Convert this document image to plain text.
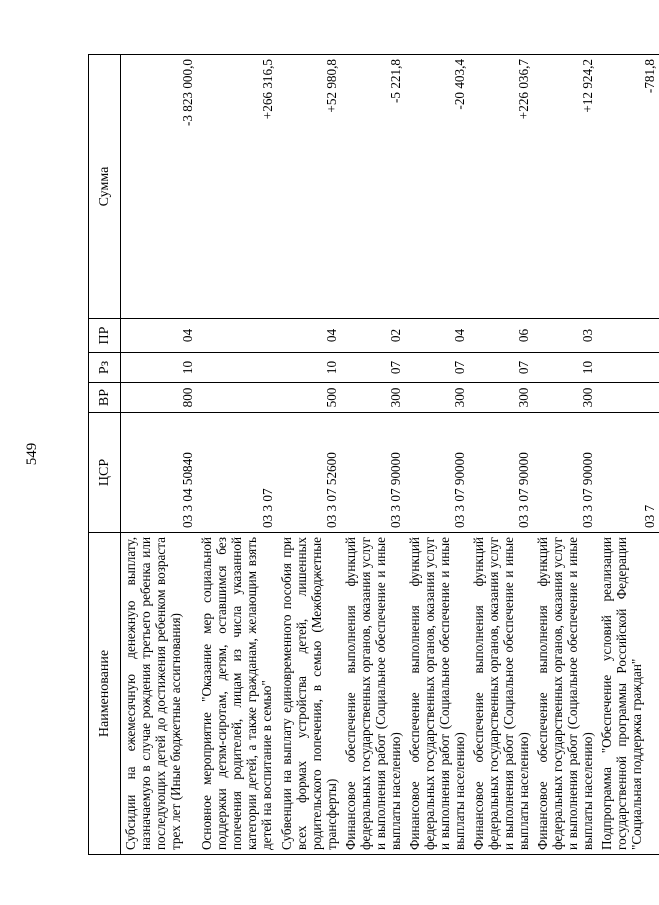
549
Наименование	ЦСР	ВР	Рз	ПР	Сумма
Субсидии на ежемесячную денежную выплату, назначаемую в случае рождения третьего ребенка или последующих детей до достижения ребенком возраста трех лет (Иные бюджетные ассигнования)	03 3 04 50840	800	10	04	-3 823 000,0
Основное мероприятие "Оказание мер социальной поддержки детям-сиротам, детям, оставшимся без попечения родителей, лицам из числа указанной категории детей, а также гражданам, желающим взять детей на воспитание в семью"	03 3 07				+266 316,5
Субвенции на выплату единовременного пособия при всех формах устройства детей, лишенных родительского попечения, в семью (Межбюджетные трансферты)	03 3 07 52600	500	10	04	+52 980,8
Финансовое обеспечение выполнения функций федеральных государственных органов, оказания услуг и выполнения работ (Социальное обеспечение и иные выплаты населению)	03 3 07 90000	300	07	02	-5 221,8
Финансовое обеспечение выполнения функций федеральных государственных органов, оказания услуг и выполнения работ (Социальное обеспечение и иные выплаты населению)	03 3 07 90000	300	07	04	-20 403,4
Финансовое обеспечение выполнения функций федеральных государственных органов, оказания услуг и выполнения работ (Социальное обеспечение и иные выплаты населению)	03 3 07 90000	300	07	06	+226 036,7
Финансовое обеспечение выполнения функций федеральных государственных органов, оказания услуг и выполнения работ (Социальное обеспечение и иные выплаты населению)	03 3 07 90000	300	10	03	+12 924,2
Подпрограмма "Обеспечение условий реализации государственной программы Российской Федерации "Социальная поддержка граждан"	03 7				-781,8
